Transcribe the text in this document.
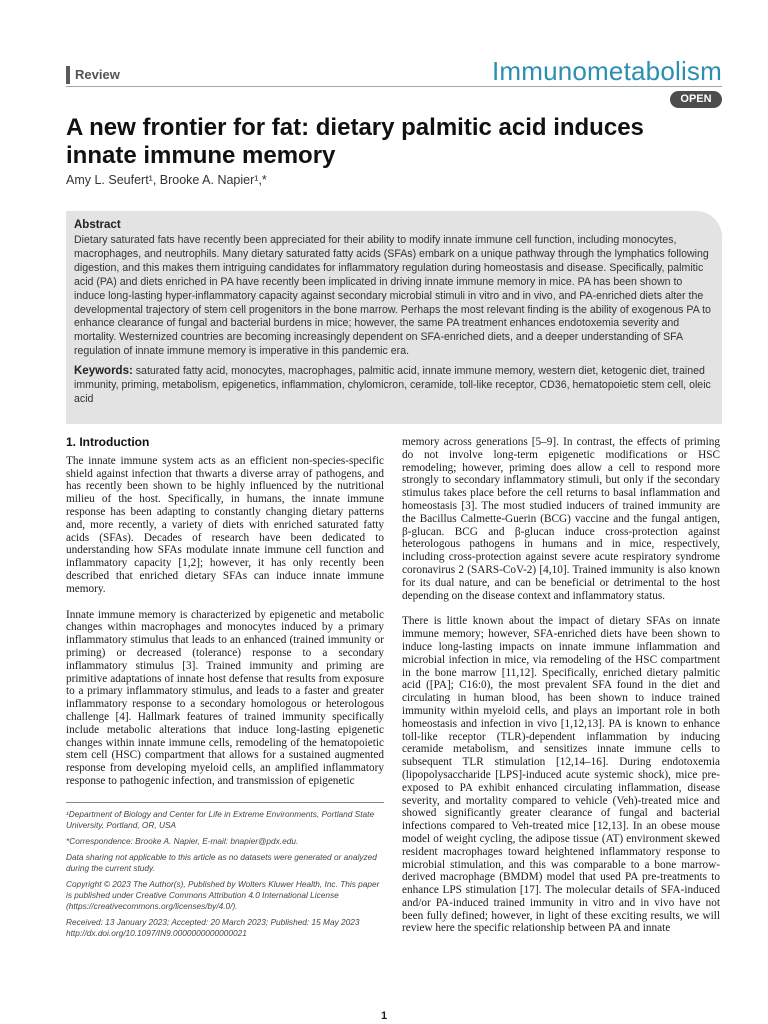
Review	Immunometabolism
OPEN
A new frontier for fat: dietary palmitic acid induces innate immune memory
Amy L. Seufert¹, Brooke A. Napier¹,*

Abstract

Dietary saturated fats have recently been appreciated for their ability to modify innate immune cell function, including monocytes, macrophages, and neutrophils. Many dietary saturated fatty acids (SFAs) embark on a unique pathway through the lymphatics following digestion, and this makes them intriguing candidates for inflammatory regulation during homeostasis and disease. Specifically, palmitic acid (PA) and diets enriched in PA have recently been implicated in driving innate immune memory in mice. PA has been shown to induce long-lasting hyper-inflammatory capacity against secondary microbial stimuli in vitro and in vivo, and PA-enriched diets alter the developmental trajectory of stem cell progenitors in the bone marrow. Perhaps the most relevant finding is the ability of exogenous PA to enhance clearance of fungal and bacterial burdens in mice; however, the same PA treatment enhances endotoxemia severity and mortality. Westernized countries are becoming increasingly dependent on SFA-enriched diets, and a deeper understanding of SFA regulation of innate immune memory is imperative in this pandemic era.

Keywords: saturated fatty acid, monocytes, macrophages, palmitic acid, innate immune memory, western diet, ketogenic diet, trained immunity, priming, metabolism, epigenetics, inflammation, chylomicron, ceramide, toll-like receptor, CD36, hematopoietic stem cell, oleic acid

1. Introduction

The innate immune system acts as an efficient non-species-specific shield against infection that thwarts a diverse array of pathogens, and has recently been shown to be highly influenced by the nutritional milieu of the host. Specifically, in humans, the innate immune response has been adapting to constantly changing dietary patterns and, more recently, a variety of diets with enriched saturated fatty acids (SFAs). Decades of research have been dedicated to understanding how SFAs modulate innate immune cell function and inflammatory capacity [1,2]; however, it has only recently been described that enriched dietary SFAs can induce innate immune memory.

Innate immune memory is characterized by epigenetic and metabolic changes within macrophages and monocytes induced by a primary inflammatory stimulus that leads to an enhanced (trained immunity or priming) or decreased (tolerance) response to a secondary inflammatory stimulus [3]. Trained immunity and priming are primitive adaptations of innate host defense that results from exposure to a primary inflammatory stimulus, and leads to a faster and greater inflammatory response to a secondary homologous or heterologous challenge [4]. Hallmark features of trained immunity specifically include metabolic alterations that induce long-lasting epigenetic changes within innate immune cells, remodeling of the hematopoietic stem cell (HSC) compartment that allows for a sustained augmented response from developing myeloid cells, an amplified inflammatory response to pathogenic infection, and transmission of epigenetic

memory across generations [5–9]. In contrast, the effects of priming do not involve long-term epigenetic modifications or HSC remodeling; however, priming does allow a cell to respond more strongly to secondary inflammatory stimuli, but only if the secondary stimulus takes place before the cell returns to basal inflammation and homeostasis [3]. The most studied inducers of trained immunity are the Bacillus Calmette-Guerin (BCG) vaccine and the fungal antigen, β-glucan. BCG and β-glucan induce cross-protection against heterologous pathogens in humans and in mice, respectively, including cross-protection against severe acute respiratory syndrome coronavirus 2 (SARS-CoV-2) [4,10]. Trained immunity is also known for its dual nature, and can be beneficial or detrimental to the host depending on the disease context and inflammatory status.

There is little known about the impact of dietary SFAs on innate immune memory; however, SFA-enriched diets have been shown to induce long-lasting impacts on innate immune inflammation and microbial infection in mice, via remodeling of the HSC compartment in the bone marrow [11,12]. Specifically, enriched dietary palmitic acid ([PA]; C16:0), the most prevalent SFA found in the diet and circulating in human blood, has been shown to induce trained immunity within myeloid cells, and plays an important role in both homeostasis and infection in vivo [1,12,13]. PA is known to enhance toll-like receptor (TLR)-dependent inflammation by inducing ceramide metabolism, and sensitizes innate immune cells to subsequent TLR stimulation [12,14–16]. During endotoxemia (lipopolysaccharide [LPS]-induced acute systemic shock), mice pre-exposed to PA exhibit enhanced circulating inflammation, disease severity, and mortality compared to vehicle (Veh)-treated mice and showed significantly greater clearance of fungal and bacterial infections compared to Veh-treated mice [12,13]. In an obese mouse model of weight cycling, the adipose tissue (AT) environment skewed resident macrophages toward heightened inflammatory response to microbial stimulation, and this was comparable to a bone marrow-derived macrophage (BMDM) model that used PA pre-treatments to enhance LPS stimulation [17]. The molecular details of SFA-induced and/or PA-induced trained immunity in vitro and in vivo have not been fully defined; however, in light of these exciting results, we will review here the specific relationship between PA and innate

¹Department of Biology and Center for Life in Extreme Environments, Portland State University, Portland, OR, USA

*Correspondence: Brooke A. Napier, E-mail: bnapier@pdx.edu.

Data sharing not applicable to this article as no datasets were generated or analyzed during the current study.

Copyright © 2023 The Author(s), Published by Wolters Kluwer Health, Inc. This paper is published under Creative Commons Attribution 4.0 International License (https://creativecommons.org/licenses/by/4.0/).

Received: 13 January 2023; Accepted: 20 March 2023; Published: 15 May 2023

http://dx.doi.org/10.1097/IN9.0000000000000021

1
